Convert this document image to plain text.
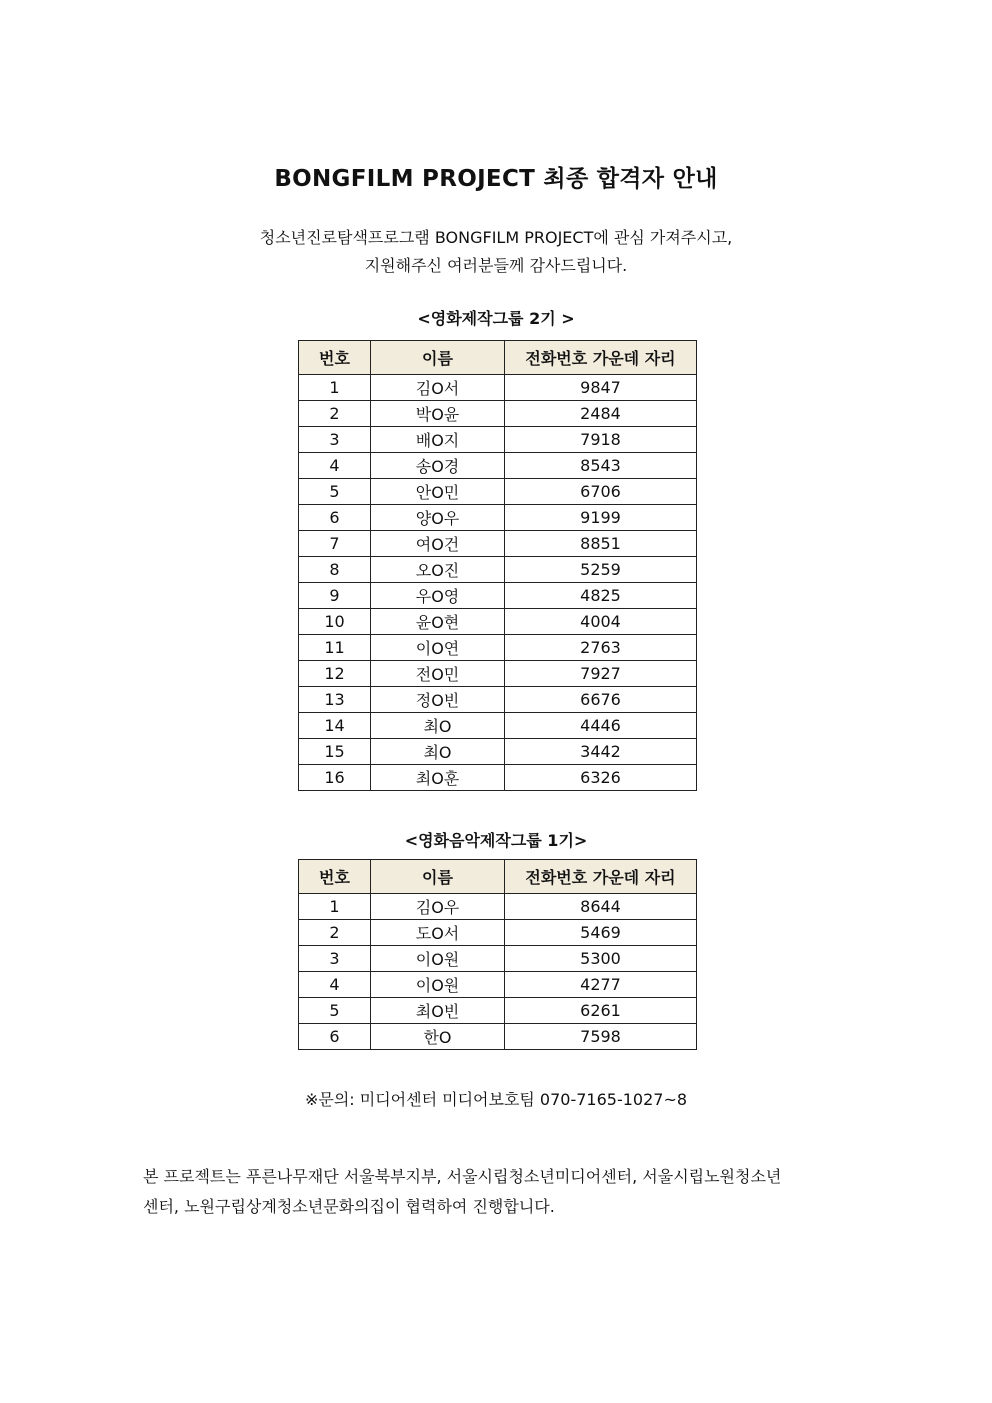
BONGFILM PROJECT 최종 합격자 안내
청소년진로탐색프로그램 BONGFILM PROJECT에 관심 가져주시고,
지원해주신 여러분들께 감사드립니다.
<영화제작그룹 2기 >
번호	이름	전화번호 가운데 자리
1	김O서	9847
2	박O윤	2484
3	배O지	7918
4	송O경	8543
5	안O민	6706
6	양O우	9199
7	여O건	8851
8	오O진	5259
9	우O영	4825
10	윤O현	4004
11	이O연	2763
12	전O민	7927
13	정O빈	6676
14	최O	4446
15	최O	3442
16	최O훈	6326
<영화음악제작그룹 1기>
번호	이름	전화번호 가운데 자리
1	김O우	8644
2	도O서	5469
3	이O원	5300
4	이O원	4277
5	최O빈	6261
6	한O	7598
※문의: 미디어센터 미디어보호팀 070-7165-1027~8
본 프로젝트는 푸른나무재단 서울북부지부, 서울시립청소년미디어센터, 서울시립노원청소년
센터, 노원구립상계청소년문화의집이 협력하여 진행합니다.
